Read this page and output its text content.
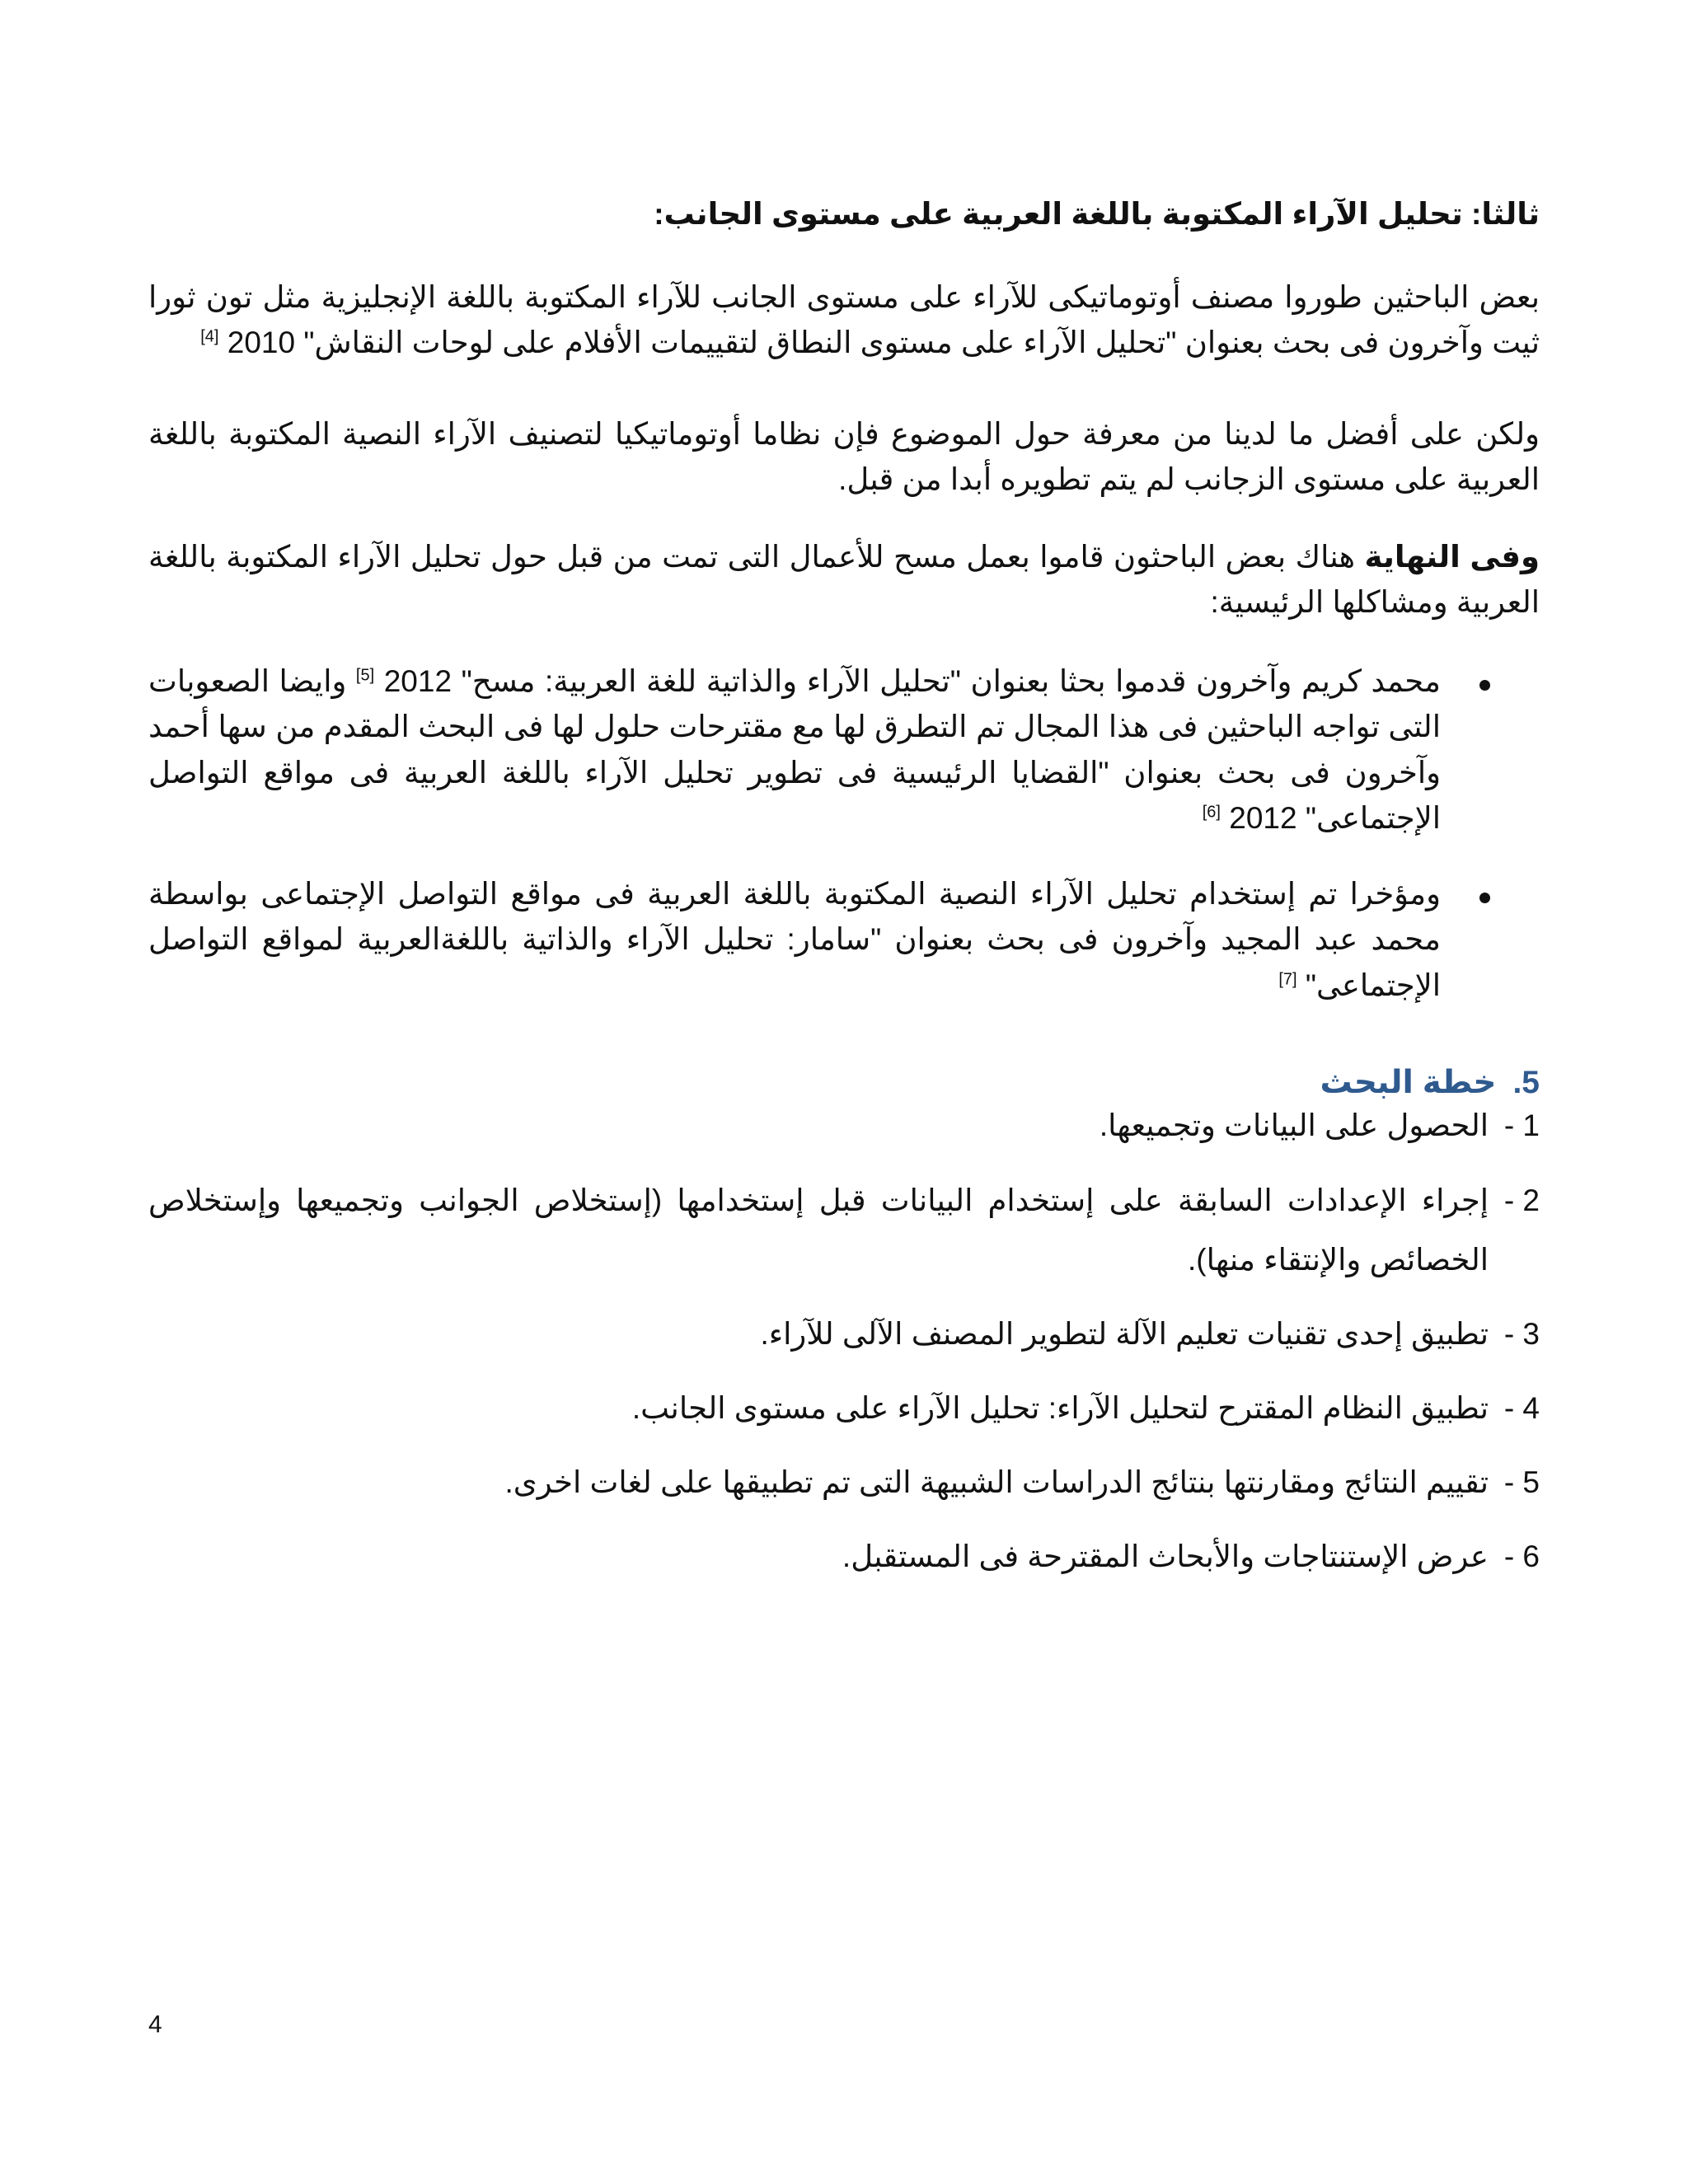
ثالثا: تحليل الآراء المكتوبة باللغة العربية على مستوى الجانب:

بعض الباحثين طوروا مصنف أوتوماتيكى للآراء على مستوى الجانب للآراء المكتوبة باللغة الإنجليزية مثل تون ثورا ثيت وآخرون فى بحث بعنوان "تحليل الآراء على مستوى النطاق لتقييمات الأفلام على لوحات النقاش" 2010 [4]

ولكن على أفضل ما لدينا من معرفة حول الموضوع فإن نظاما أوتوماتيكيا لتصنيف الآراء النصية المكتوبة باللغة العربية على مستوى الزجانب لم يتم تطويره أبدا من قبل.

وفى النهاية هناك بعض الباحثون قاموا بعمل مسح للأعمال التى تمت من قبل حول تحليل الآراء المكتوبة باللغة العربية ومشاكلها الرئيسية:

محمد كريم وآخرون قدموا بحثا بعنوان "تحليل الآراء والذاتية للغة العربية: مسح" 2012 [5] وايضا الصعوبات التى تواجه الباحثين فى هذا المجال تم التطرق لها مع مقترحات حلول لها فى البحث المقدم من سها أحمد وآخرون فى بحث بعنوان "القضايا الرئيسية فى تطوير تحليل الآراء باللغة العربية فى مواقع التواصل الإجتماعى" 2012 [6]
ومؤخرا تم إستخدام تحليل الآراء النصية المكتوبة باللغة العربية فى مواقع التواصل الإجتماعى بواسطة محمد عبد المجيد وآخرون فى بحث بعنوان "سامار: تحليل الآراء والذاتية باللغةالعربية لمواقع التواصل الإجتماعى" [7]
5.
خطة البحث
1 -
الحصول على البيانات وتجميعها.
2 -
إجراء الإعدادات السابقة على إستخدام البيانات قبل إستخدامها (إستخلاص الجوانب وتجميعها وإستخلاص الخصائص والإنتقاء منها).
3 -
تطبيق إحدى تقنيات تعليم الآلة لتطوير المصنف الآلى للآراء.
4 -
تطبيق النظام المقترح لتحليل الآراء: تحليل الآراء على مستوى الجانب.
5 -
تقييم النتائج ومقارنتها بنتائج الدراسات الشبيهة التى تم تطبيقها على لغات اخرى.
6 -
عرض الإستنتاجات والأبحاث المقترحة فى المستقبل.
4
